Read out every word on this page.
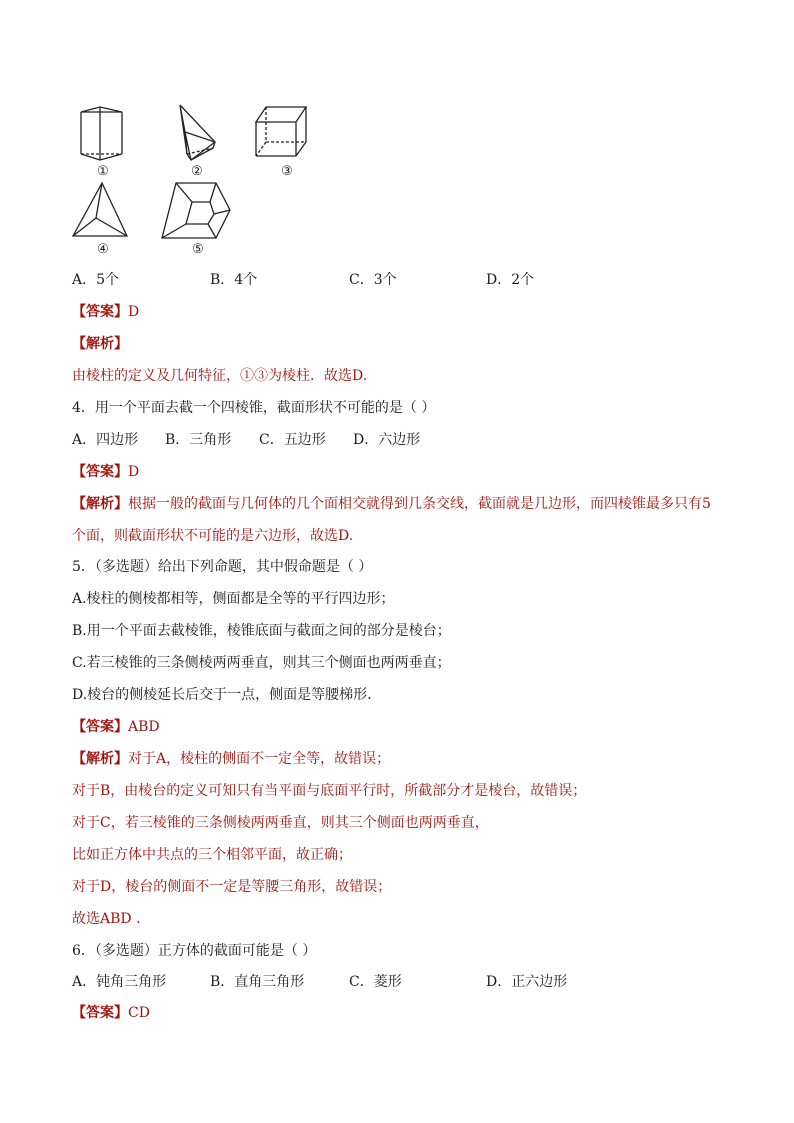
①	②	③
④	⑤
A．5个	B．4个	C．3个	D．2个
【答案】D
【解析】
由棱柱的定义及几何特征，①③为棱柱．故选D.
4．用一个平面去截一个四棱锥，截面形状不可能的是（ ）
A．四边形 B．三角形 C．五边形 D．六边形
【答案】D
【解析】根据一般的截面与几何体的几个面相交就得到几条交线，截面就是几边形，而四棱锥最多只有5
个面，则截面形状不可能的是六边形，故选D.
5．（多选题）给出下列命题，其中假命题是（ ）
A.棱柱的侧棱都相等，侧面都是全等的平行四边形；
B.用一个平面去截棱锥，棱锥底面与截面之间的部分是棱台；
C.若三棱锥的三条侧棱两两垂直，则其三个侧面也两两垂直；
D.棱台的侧棱延长后交于一点，侧面是等腰梯形.
【答案】ABD
【解析】对于A，棱柱的侧面不一定全等，故错误；
对于B，由棱台的定义可知只有当平面与底面平行时，所截部分才是棱台，故错误；
对于C，若三棱锥的三条侧棱两两垂直，则其三个侧面也两两垂直，
比如正方体中共点的三个相邻平面，故正确；
对于D，棱台的侧面不一定是等腰三角形，故错误；
故选ABD .
6．（多选题）正方体的截面可能是（ ）
A．钝角三角形	B．直角三角形	C．菱形	D．正六边形
【答案】CD
